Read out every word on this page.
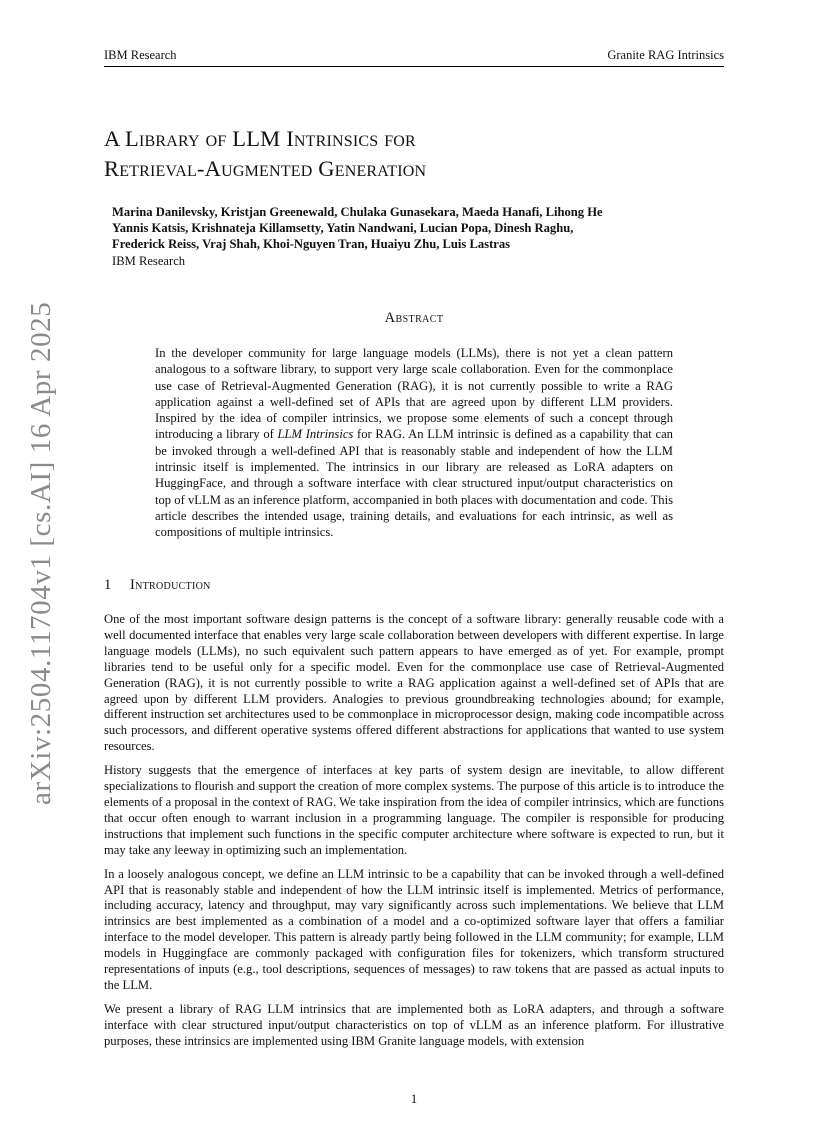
IBM Research	Granite RAG Intrinsics
A Library of LLM Intrinsics for
Retrieval-Augmented Generation
Marina Danilevsky, Kristjan Greenewald, Chulaka Gunasekara, Maeda Hanafi, Lihong He
Yannis Katsis, Krishnateja Killamsetty, Yatin Nandwani, Lucian Popa, Dinesh Raghu,
Frederick Reiss, Vraj Shah, Khoi-Nguyen Tran, Huaiyu Zhu, Luis Lastras
IBM Research
Abstract
In the developer community for large language models (LLMs), there is not yet a clean pattern analogous to a software library, to support very large scale collaboration. Even for the commonplace use case of Retrieval-Augmented Generation (RAG), it is not currently possible to write a RAG application against a well-defined set of APIs that are agreed upon by different LLM providers. Inspired by the idea of compiler intrinsics, we propose some elements of such a concept through introducing a library of LLM Intrinsics for RAG. An LLM intrinsic is defined as a capability that can be invoked through a well-defined API that is reasonably stable and independent of how the LLM intrinsic itself is implemented. The intrinsics in our library are released as LoRA adapters on HuggingFace, and through a software interface with clear structured input/output characteristics on top of vLLM as an inference platform, accompanied in both places with documentation and code. This article describes the intended usage, training details, and evaluations for each intrinsic, as well as compositions of multiple intrinsics.
1 Introduction

One of the most important software design patterns is the concept of a software library: generally reusable code with a well documented interface that enables very large scale collaboration between developers with different expertise. In large language models (LLMs), no such equivalent such pattern appears to have emerged as of yet. For example, prompt libraries tend to be useful only for a specific model. Even for the commonplace use case of Retrieval-Augmented Generation (RAG), it is not currently possible to write a RAG application against a well-defined set of APIs that are agreed upon by different LLM providers. Analogies to previous groundbreaking technologies abound; for example, different instruction set architectures used to be commonplace in microprocessor design, making code incompatible across such processors, and different operative systems offered different abstractions for applications that wanted to use system resources.

History suggests that the emergence of interfaces at key parts of system design are inevitable, to allow different specializations to flourish and support the creation of more complex systems. The purpose of this article is to introduce the elements of a proposal in the context of RAG. We take inspiration from the idea of compiler intrinsics, which are functions that occur often enough to warrant inclusion in a programming language. The compiler is responsible for producing instructions that implement such functions in the specific computer architecture where software is expected to run, but it may take any leeway in optimizing such an implementation.

In a loosely analogous concept, we define an LLM intrinsic to be a capability that can be invoked through a well-defined API that is reasonably stable and independent of how the LLM intrinsic itself is implemented. Metrics of performance, including accuracy, latency and throughput, may vary significantly across such implementations. We believe that LLM intrinsics are best implemented as a combination of a model and a co-optimized software layer that offers a familiar interface to the model developer. This pattern is already partly being followed in the LLM community; for example, LLM models in Huggingface are commonly packaged with configuration files for tokenizers, which transform structured representations of inputs (e.g., tool descriptions, sequences of messages) to raw tokens that are passed as actual inputs to the LLM.

We present a library of RAG LLM intrinsics that are implemented both as LoRA adapters, and through a software interface with clear structured input/output characteristics on top of vLLM as an inference platform. For illustrative purposes, these intrinsics are implemented using IBM Granite language models, with extension

1
arXiv:2504.11704v1 [cs.AI] 16 Apr 2025
